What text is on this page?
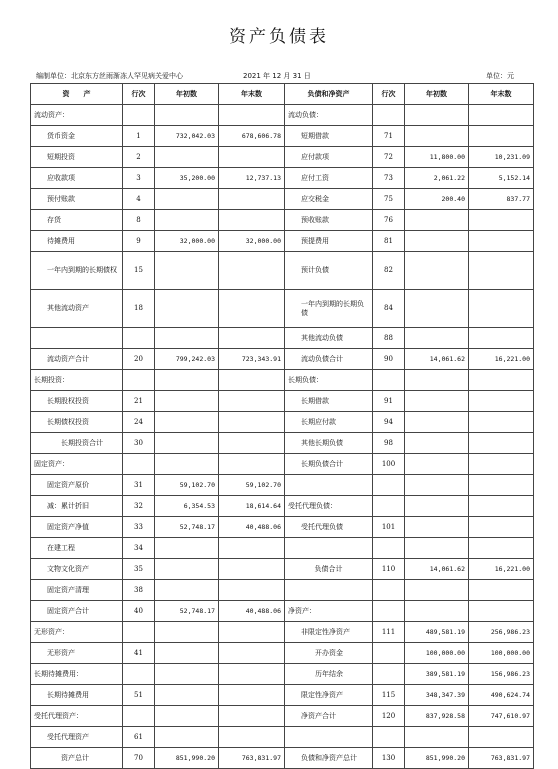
资产负债表
编制单位：北京东方丝雨渐冻人罕见病关爱中心	2021 年 12 月 31 日	单位：元
资　　产	行次	年初数	年末数	负债和净资产	行次	年初数	年末数
流动资产：				流动负债：			
货币资金	1	732,042.03	678,606.78	短期借款	71		
短期投资	2			应付款项	72	11,800.00	10,231.09
应收款项	3	35,200.00	12,737.13	应付工资	73	2,061.22	5,152.14
预付账款	4			应交税金	75	200.40	837.77
存货	8			预收账款	76		
待摊费用	9	32,000.00	32,000.00	预提费用	81		
一年内到期的长期债权	15			预计负债	82		
其他流动资产	18			一年内到期的长期负债	84		
				其他流动负债	88		
流动资产合计	20	799,242.03	723,343.91	流动负债合计	90	14,061.62	16,221.00
长期投资：				长期负债：			
长期股权投资	21			长期借款	91		
长期债权投资	24			长期应付款	94		
长期投资合计	30			其他长期负债	98		
固定资产：				长期负债合计	100		
固定资产原价	31	59,102.70	59,102.70				
减：累计折旧	32	6,354.53	18,614.64	受托代理负债：			
固定资产净值	33	52,748.17	40,488.06	受托代理负债	101		
在建工程	34						
文物文化资产	35			负债合计	110	14,061.62	16,221.00
固定资产清理	38						
固定资产合计	40	52,748.17	40,488.06	净资产：			
无形资产：				非限定性净资产	111	489,581.19	256,986.23
无形资产	41			开办资金		100,000.00	100,000.00
长期待摊费用：				历年结余		389,581.19	156,986.23
长期待摊费用	51			限定性净资产	115	348,347.39	490,624.74
受托代理资产：				净资产合计	120	837,928.58	747,610.97
受托代理资产	61						
资产总计	70	851,990.20	763,831.97	负债和净资产总计	130	851,990.20	763,831.97
